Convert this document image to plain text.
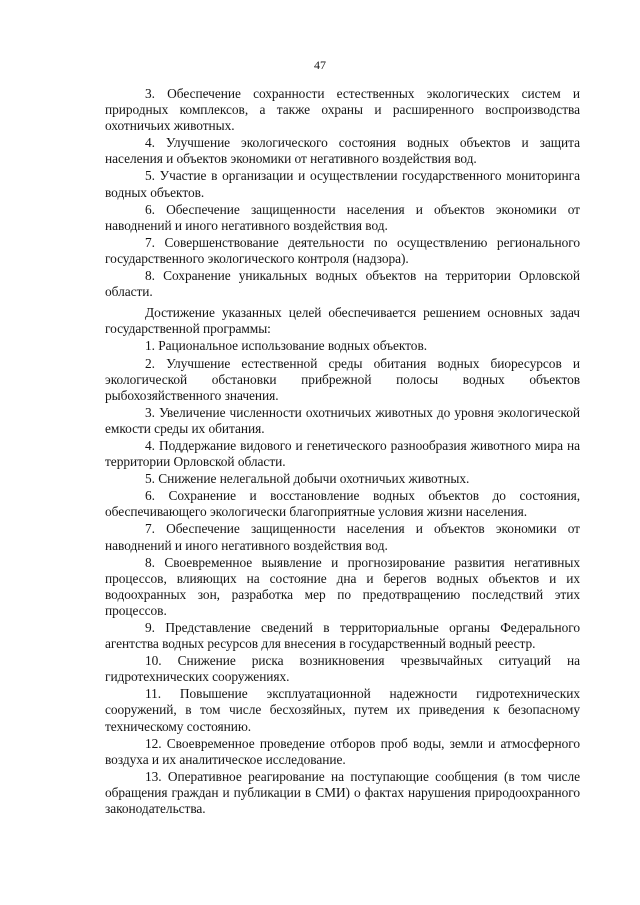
47

3. Обеспечение сохранности естественных экологических систем и природных комплексов, а также охраны и расширенного воспроизводства охотничьих животных.

4. Улучшение экологического состояния водных объектов и защита населения и объектов экономики от негативного воздействия вод.

5. Участие в организации и осуществлении государственного мониторинга водных объектов.

6. Обеспечение защищенности населения и объектов экономики от наводнений и иного негативного воздействия вод.

7. Совершенствование деятельности по осуществлению регионального государственного экологического контроля (надзора).

8. Сохранение уникальных водных объектов на территории Орловской области.

Достижение указанных целей обеспечивается решением основных задач государственной программы:

1. Рациональное использование водных объектов.

2. Улучшение естественной среды обитания водных биоресурсов и экологической обстановки прибрежной полосы водных объектов рыбохозяйственного значения.

3. Увеличение численности охотничьих животных до уровня экологической емкости среды их обитания.

4. Поддержание видового и генетического разнообразия животного мира на территории Орловской области.

5. Снижение нелегальной добычи охотничьих животных.

6. Сохранение и восстановление водных объектов до состояния, обеспечивающего экологически благоприятные условия жизни населения.

7. Обеспечение защищенности населения и объектов экономики от наводнений и иного негативного воздействия вод.

8. Своевременное выявление и прогнозирование развития негативных процессов, влияющих на состояние дна и берегов водных объектов и их водоохранных зон, разработка мер по предотвращению последствий этих процессов.

9. Представление сведений в территориальные органы Федерального агентства водных ресурсов для внесения в государственный водный реестр.

10. Снижение риска возникновения чрезвычайных ситуаций на гидротехнических сооружениях.

11. Повышение эксплуатационной надежности гидротехнических сооружений, в том числе бесхозяйных, путем их приведения к безопасному техническому состоянию.

12. Своевременное проведение отборов проб воды, земли и атмосферного воздуха и их аналитическое исследование.

13. Оперативное реагирование на поступающие сообщения (в том числе обращения граждан и публикации в СМИ) о фактах нарушения природоохранного законодательства.
